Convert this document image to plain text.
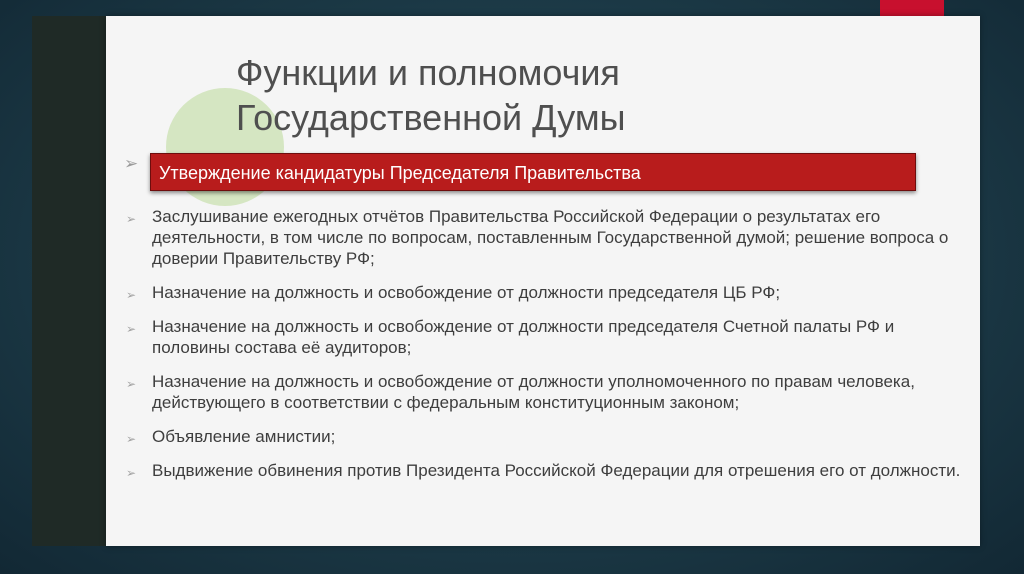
Функции и полномочия
Государственной Думы
➢
➢ Заслушивание ежегодных отчётов Правительства Российской Федерации о результатах его деятельности, в том числе по вопросам, поставленным Государственной думой; решение вопроса о доверии Правительству РФ;
➢ Назначение на должность и освобождение от должности председателя ЦБ РФ;
➢ Назначение на должность и освобождение от должности председателя Счетной палаты РФ и половины состава её аудиторов;
➢ Назначение на должность и освобождение от должности уполномоченного по правам человека, действующего в соответствии с федеральным конституционным законом;
➢ Объявление амнистии;
➢ Выдвижение обвинения против Президента Российской Федерации для отрешения его от должности.
Утверждение кандидатуры Председателя Правительства
